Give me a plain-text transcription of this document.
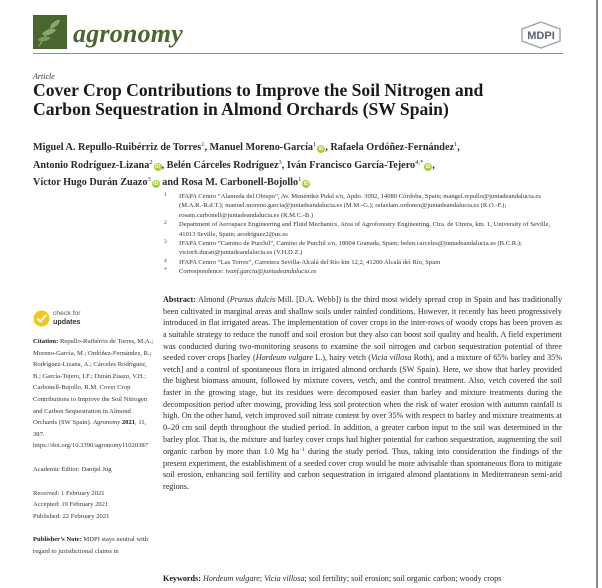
agronomy	MDPI
Article
Cover Crop Contributions to Improve the Soil Nitrogen and
Carbon Sequestration in Almond Orchards (SW Spain)
Miguel A. Repullo-Ruibérriz de Torres$^1$, Manuel Moreno-García$^1$iD , Rafaela Ordóñez-Fernández$^1$,
Antonio Rodríguez-Lizana$^2$iD , Belén Cárceles Rodríguez$^3$, Iván Francisco García-Tejero$^{4,*}$iD ,
Víctor Hugo Durán Zuazo$^3$iD and Rosa M. Carbonell-Bojollo$^1$iD
1 IFAPA Centro “Alameda del Obispo”, Av. Menéndez Pidal s/n, Apdo. 3092, 14080 Córdoba, Spain; mangel.repullo@juntadeandalucia.es (M.A.R.-R.d.T.); manuel.moreno.garcia@juntadeandalucia.es (M.M.-G.); rafaelam.ordonez@juntadeandalucia.es (R.O.-F.); rosam.carbonell@juntadeandalucia.es (R.M.C.-B.)
2 Department of Aerospace Engineering and Fluid Mechanics, Area of Agroforestry Engineering. Ctra. de Utrera, km. 1, University of Seville, 41013 Seville, Spain; arodriguez2@us.es
3 IFAPA Centro “Camino de Purchil”, Camino de Purchil s/n, 18004 Granada, Spain; belen.carceles@juntadeandalucia.es (B.C.R.); victorh.duran@juntadeandalucia.es (V.H.D.Z.)
4 IFAPA Centro “Las Torres”, Carretera Sevilla-Alcalá del Río km 12,2, 41200 Alcalá del Río, Spain
* Correspondence: ivanf.garcia@juntadeandalucia.es
check for
updates
Citation: Repullo-Ruibérriz de Torres, M.A.; Moreno-García, M.; Ordóñez-Fernández, R.; Rodríguez-Lizana, A.; Cárceles Rodríguez, B.; García-Tejero, I.F.; Durán Zuazo, V.H.; Carbonell-Bojollo, R.M. Cover Crop Contributions to Improve the Soil Nitrogen and Carbon Sequestration in Almond Orchards (SW Spain). Agronomy 2021, 11, 387. https://doi.org/10.3390/agronomy11020387
Academic Editor: Danijel Jug
Received: 1 February 2021
Accepted: 19 February 2021
Published: 22 February 2021
Publisher’s Note: MDPI stays neutral with regard to jurisdictional claims in
Abstract: Almond (Prunus dulcis Mill. [D.A. Webb]) is the third most widely spread crop in Spain and has traditionally been cultivated in marginal areas and shallow soils under rainfed conditions. However, it recently has been progressively introduced in flat irrigated areas. The implementation of cover crops in the inter-rows of woody crops has been proven as a suitable strategy to reduce the runoff and soil erosion but they also can boost soil quality and health. A field experiment was conducted during two-monitoring seasons to examine the soil nitrogen and carbon sequestration potential of three seeded cover crops [barley (Hordeum vulgare L.), hairy vetch (Vicia villosa Roth), and a mixture of 65% barley and 35% vetch] and a control of spontaneous flora in irrigated almond orchards (SW Spain). Here, we show that barley provided the highest biomass amount, followed by mixture covers, vetch, and the control treatment. Also, vetch covered the soil faster in the growing stage, but its residues were decomposed easier than barley and mixture treatments during the decomposition period after mowing, providing less soil protection when the risk of water erosion with autumn rainfall is high. On the other hand, vetch improved soil nitrate content by over 35% with respect to barley and mixture treatments at 0–20 cm soil depth throughout the studied period. In addition, a greater carbon input to the soil was determined in the barley plot. That is, the mixture and barley cover crops had higher potential for carbon sequestration, augmenting the soil organic carbon by more than 1.0 Mg $ha^{-1}$ during the study period. Thus, taking into consideration the findings of the present experiment, the establishment of a seeded cover crop would be more advisable than spontaneous flora to mitigate soil erosion, enhancing soil fertility and carbon sequestration in irrigated almond plantations in Mediterranean semi-arid regions.
Keywords: Hordeum vulgare; Vicia villosa; soil fertility; soil erosion; soil organic carbon; woody crops
